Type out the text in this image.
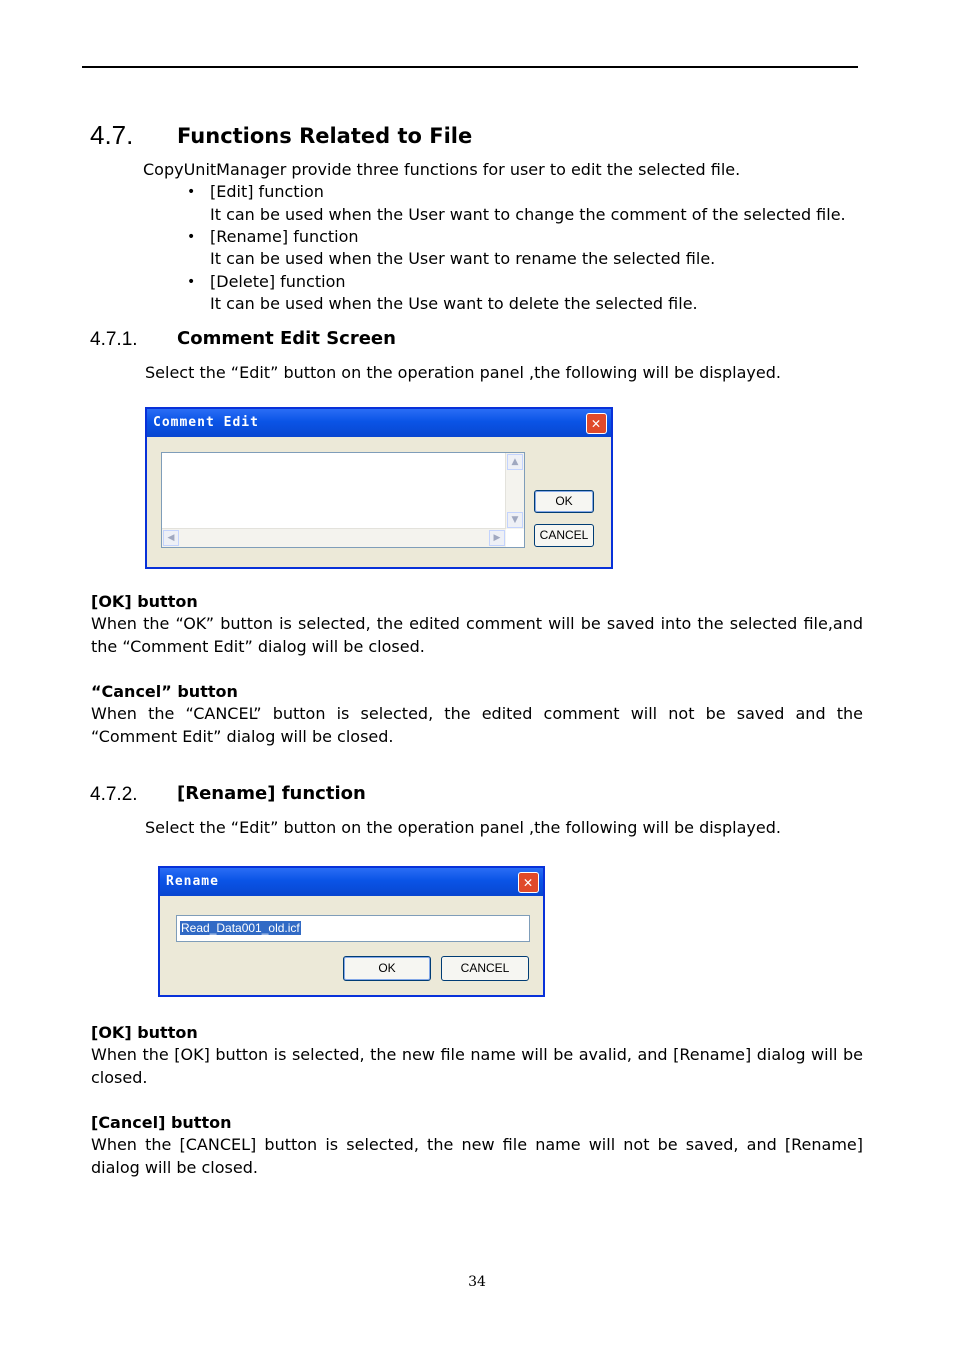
4.7. Functions Related to File
CopyUnitManager provide three functions for user to edit the selected file.
• [Edit] function
It can be used when the User want to change the comment of the selected file.
• [Rename] function
It can be used when the User want to rename the selected file.
• [Delete] function
It can be used when the Use want to delete the selected file.
4.7.1. Comment Edit Screen
Select the “Edit” button on the operation panel ,the following will be displayed.
Comment Edit	✕
▲
▼
◀	▶
OK
CANCEL
[OK] button
When the “OK” button is selected, the edited comment will be saved into the selected file,and the “Comment Edit” dialog will be closed.
“Cancel” button
When the “CANCEL” button is selected, the edited comment will not be saved and the “Comment Edit” dialog will be closed.
4.7.2. [Rename] function
Select the “Edit” button on the operation panel ,the following will be displayed.
Rename	✕
Read_Data001_old.icf
OK	CANCEL
[OK] button
When the [OK] button is selected, the new file name will be avalid, and [Rename] dialog will be closed.
[Cancel] button
When the [CANCEL] button is selected, the new file name will not be saved, and [Rename] dialog will be closed.
34
